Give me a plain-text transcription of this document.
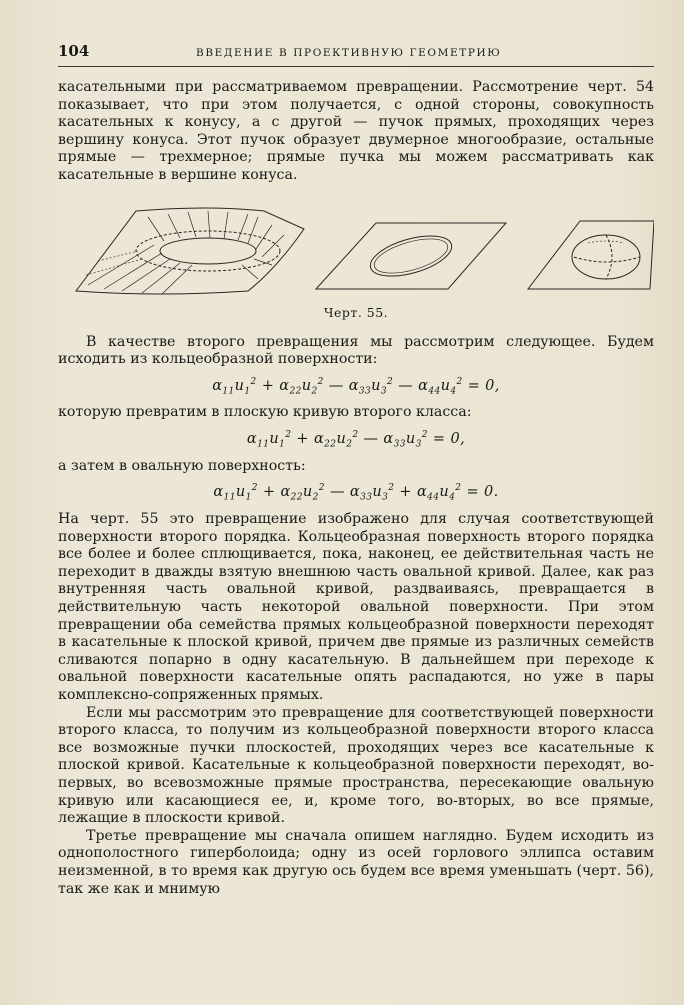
104	ВВЕДЕНИЕ В ПРОЕКТИВНУЮ ГЕОМЕТРИЮ

касательными при рассматриваемом превращении. Рассмотрение черт. 54 показывает, что при этом получается, с одной стороны, совокупность касательных к конусу, а с другой — пучок прямых, проходящих через вершину конуса. Этот пучок образует двумерное многообразие, остальные прямые — трехмерное; прямые пучка мы можем рассматривать как касательные в вершине конуса.

Черт. 55.

В качестве второго превращения мы рассмотрим следующее. Будем исходить из кольцеобразной поверхности:

$\alpha_{11}u_1^2 + \alpha_{22}u_2^2$ — $\alpha_{33}u_3^2$ — $\alpha_{44}u_4^2 = 0$,

которую превратим в плоскую кривую второго класса:

$\alpha_{11}u_1^2 + \alpha_{22}u_2^2$ — $\alpha_{33}u_3^2 = 0$,

а затем в овальную поверхность:

$\alpha_{11}u_1^2 + \alpha_{22}u_2^2$ — $\alpha_{33}u_3^2 + \alpha_{44}u_4^2 = 0$.

На черт. 55 это превращение изображено для случая соответствующей поверхности второго порядка. Кольцеобразная поверхность второго порядка все более и более сплющивается, пока, наконец, ее действительная часть не переходит в дважды взятую внешнюю часть овальной кривой. Далее, как раз внутренняя часть овальной кривой, раздваиваясь, превращается в действительную часть некоторой овальной поверхности. При этом превращении оба семейства прямых кольцеобразной поверхности переходят в касательные к плоской кривой, причем две прямые из различных семейств сливаются попарно в одну касательную. В дальнейшем при переходе к овальной поверхности касательные опять распадаются, но уже в пары комплексно-сопряженных прямых.

Если мы рассмотрим это превращение для соответствующей поверхности второго класса, то получим из кольцеобразной поверхности второго класса все возможные пучки плоскостей, проходящих через все касательные к плоской кривой. Касательные к кольцеобразной поверхности переходят, во-первых, во всевозможные прямые пространства, пересекающие овальную кривую или касающиеся ее, и, кроме того, во-вторых, во все прямые, лежащие в плоскости кривой.

Третье превращение мы сначала опишем наглядно. Будем исходить из однополостного гиперболоида; одну из осей горлового эллипса оставим неизменной, в то время как другую ось будем все время уменьшать (черт. 56), так же как и мнимую
